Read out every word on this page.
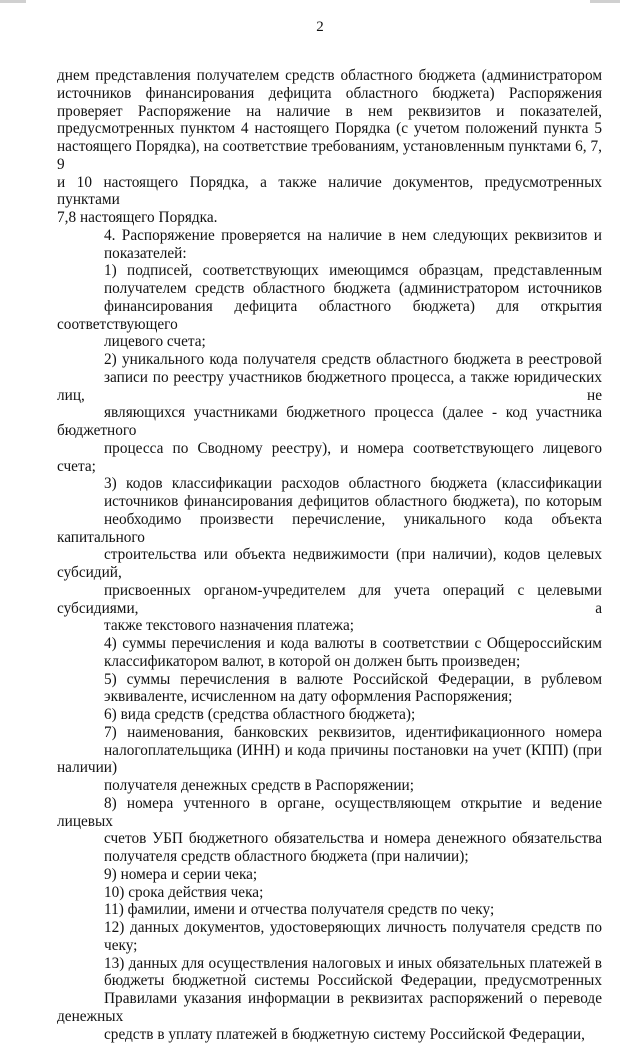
2
днем представления получателем средств областного бюджета (администратором
источников финансирования дефицита областного бюджета) Распоряжения
проверяет Распоряжение на наличие в нем реквизитов и показателей,
предусмотренных пунктом 4 настоящего Порядка (с учетом положений пункта 5
настоящего Порядка), на соответствие требованиям, установленным пунктами 6, 7, 9
и 10 настоящего Порядка, а также наличие документов, предусмотренных пунктами
7,8 настоящего Порядка.
4. Распоряжение проверяется на наличие в нем следующих реквизитов и
показателей:
1) подписей, соответствующих имеющимся образцам, представленным
получателем средств областного бюджета (администратором источников
финансирования дефицита областного бюджета) для открытия соответствующего
лицевого счета;
2) уникального кода получателя средств областного бюджета в реестровой
записи по реестру участников бюджетного процесса, а также юридических лиц, не
являющихся участниками бюджетного процесса (далее - код участника бюджетного
процесса по Сводному реестру), и номера соответствующего лицевого счета;
3) кодов классификации расходов областного бюджета (классификации
источников финансирования дефицитов областного бюджета), по которым
необходимо произвести перечисление, уникального кода объекта капитального
строительства или объекта недвижимости (при наличии), кодов целевых субсидий,
присвоенных органом-учредителем для учета операций с целевыми субсидиями, а
также текстового назначения платежа;
4) суммы перечисления и кода валюты в соответствии с Общероссийским
классификатором валют, в которой он должен быть произведен;
5) суммы перечисления в валюте Российской Федерации, в рублевом
эквиваленте, исчисленном на дату оформления Распоряжения;
6) вида средств (средства областного бюджета);
7) наименования, банковских реквизитов, идентификационного номера
налогоплательщика (ИНН) и кода причины постановки на учет (КПП) (при наличии)
получателя денежных средств в Распоряжении;
8) номера учтенного в органе, осуществляющем открытие и ведение лицевых
счетов УБП бюджетного обязательства и номера денежного обязательства
получателя средств областного бюджета (при наличии);
9) номера и серии чека;
10) срока действия чека;
11) фамилии, имени и отчества получателя средств по чеку;
12) данных документов, удостоверяющих личность получателя средств по
чеку;
13) данных для осуществления налоговых и иных обязательных платежей в
бюджеты бюджетной системы Российской Федерации, предусмотренных
Правилами указания информации в реквизитах распоряжений о переводе денежных
средств в уплату платежей в бюджетную систему Российской Федерации,
